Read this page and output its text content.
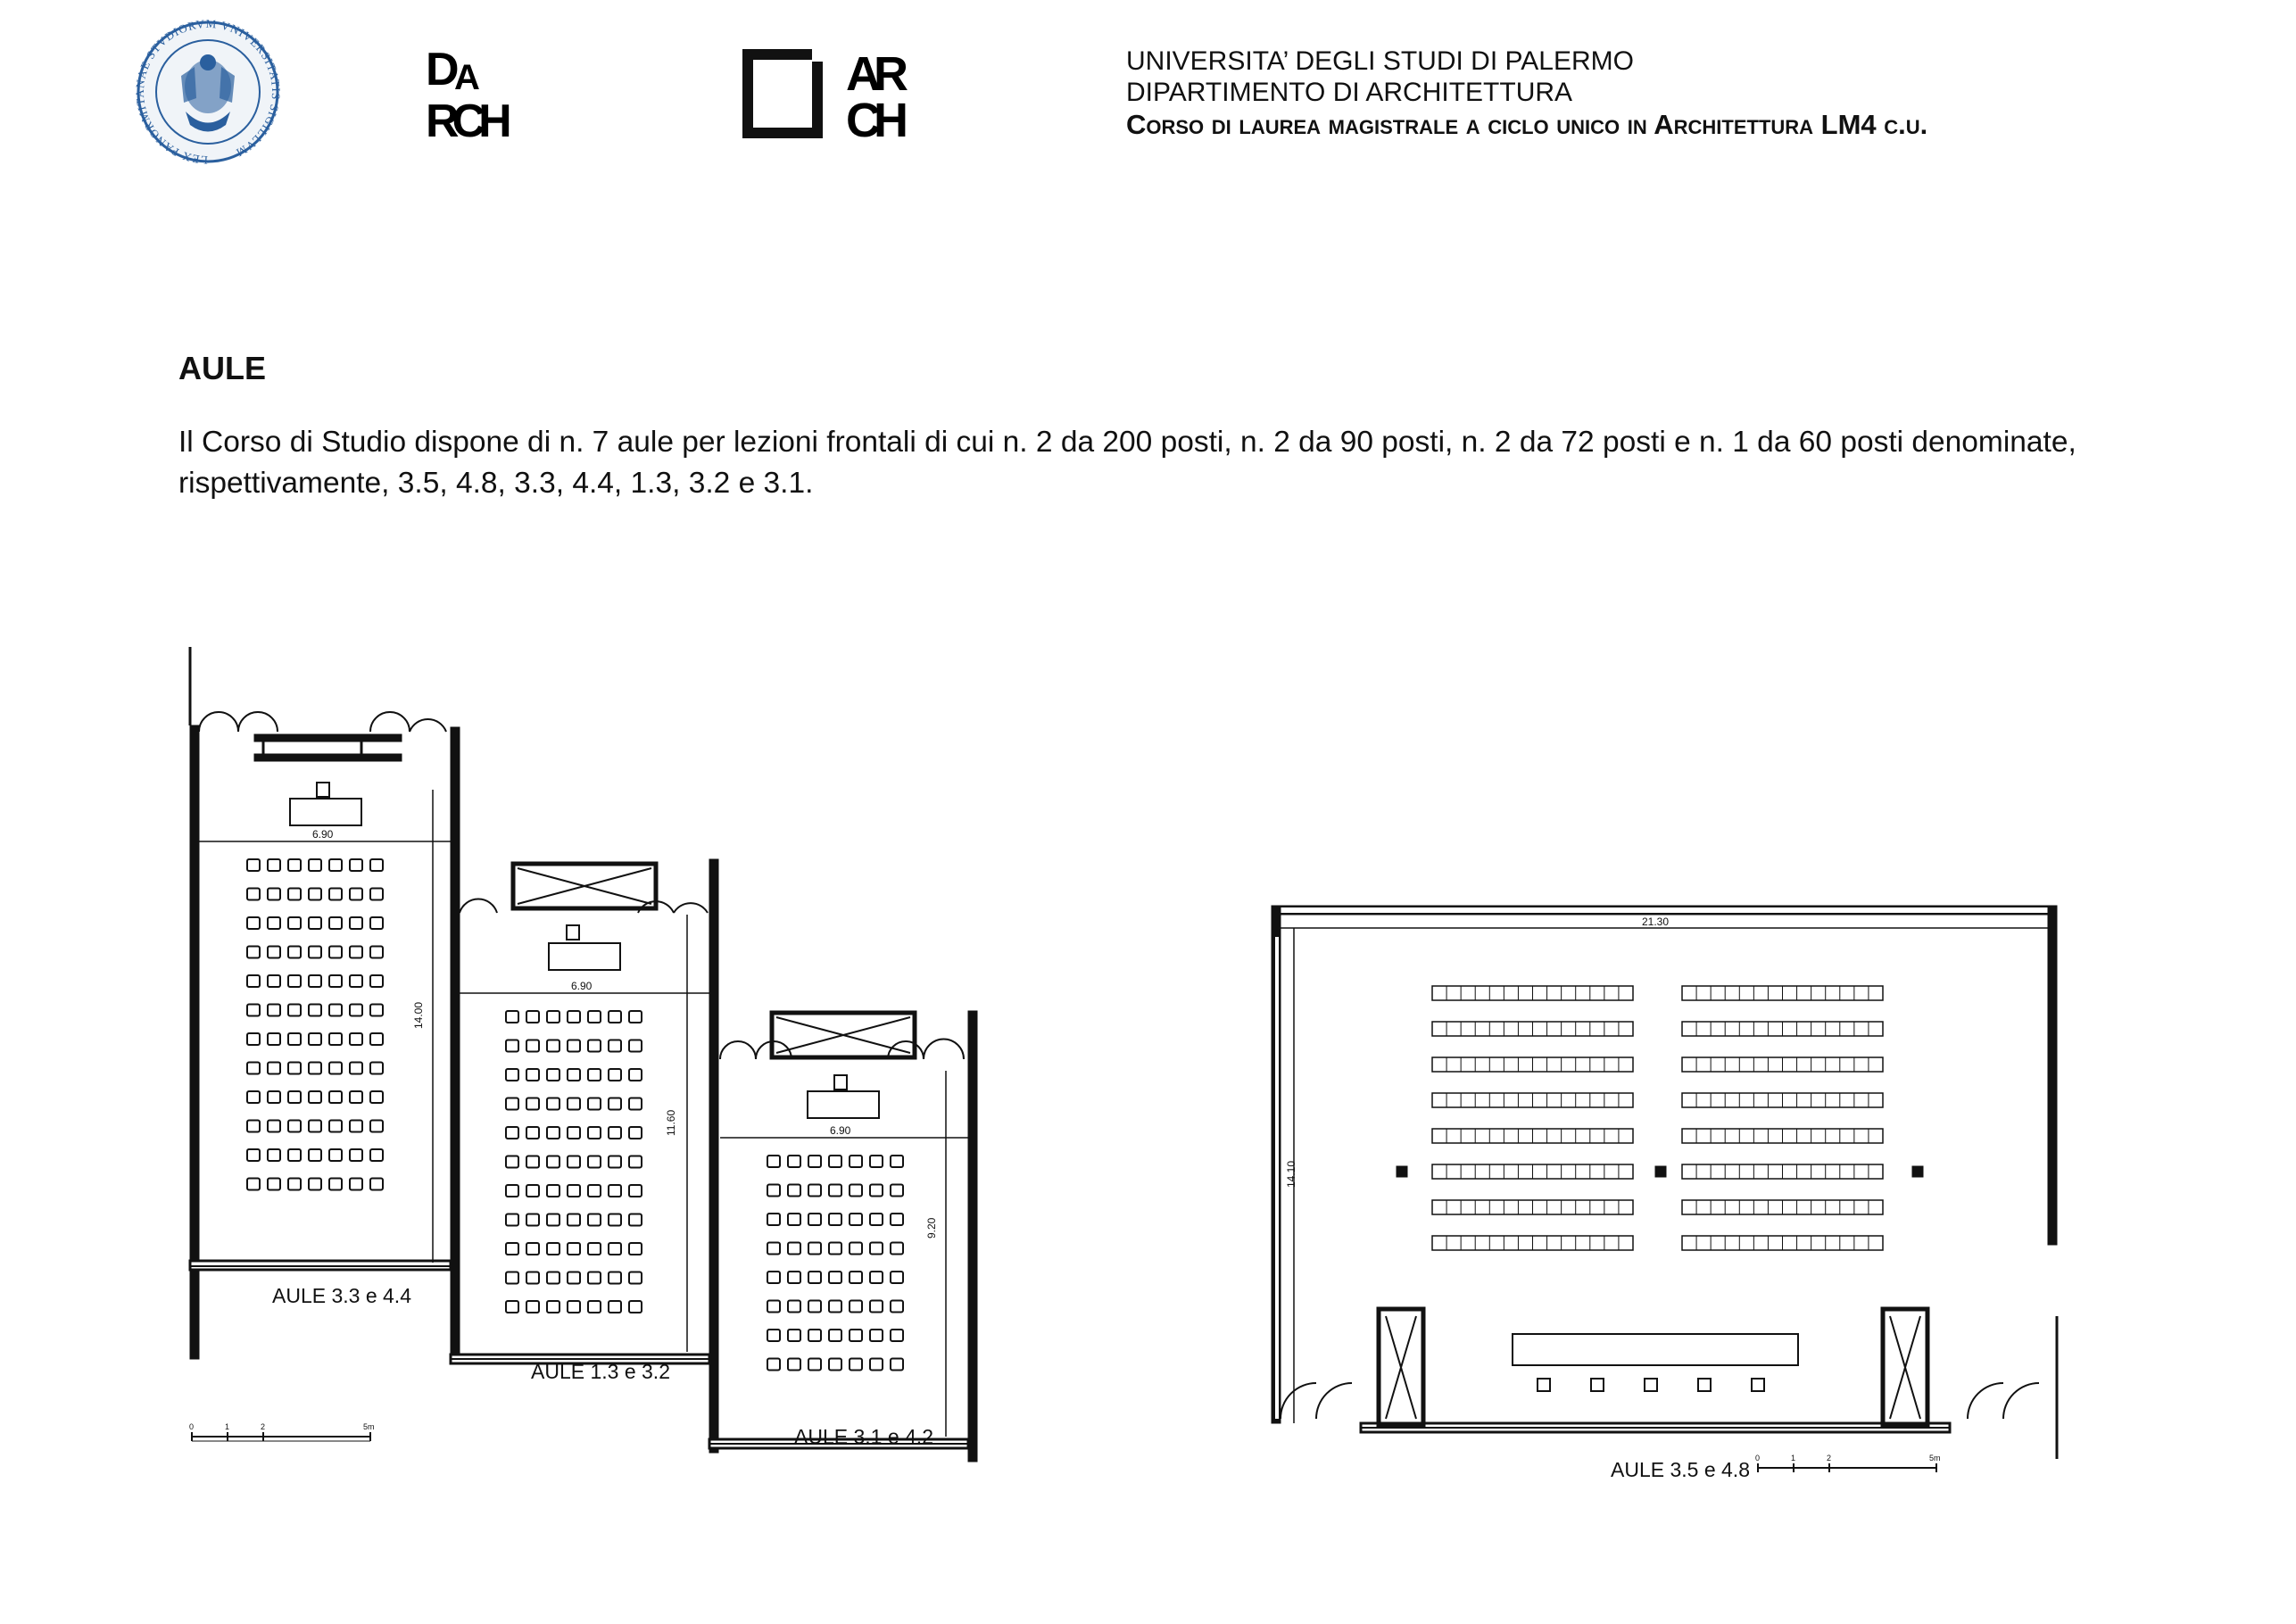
LEX PANORMITANAE STVDIORVM VNIVERSITATIS SIGILLVM
D A
RCH
AR
CH
UNIVERSITA’ DEGLI STUDI DI PALERMO
DIPARTIMENTO DI ARCHITETTURA
Corso di laurea magistrale a ciclo unico in Architettura LM4 c.u.
AULE
Il Corso di Studio dispone di n. 7 aule per lezioni frontali di cui n. 2 da 200 posti, n. 2 da 90 posti, n. 2 da 72 posti e n. 1 da 60 posti denominate, rispettivamente, 3.5, 4.8, 3.3, 4.4, 1.3, 3.2 e 3.1.
6.90
14.00
AULE 3.3 e 4.4
6.90
11.60
AULE 1.3 e 3.2
6.90
9.20
AULE 3.1 e 4.2
0	1	2	5m
21.30
14.10
AULE 3.5 e 4.8 0	1	2	5m
